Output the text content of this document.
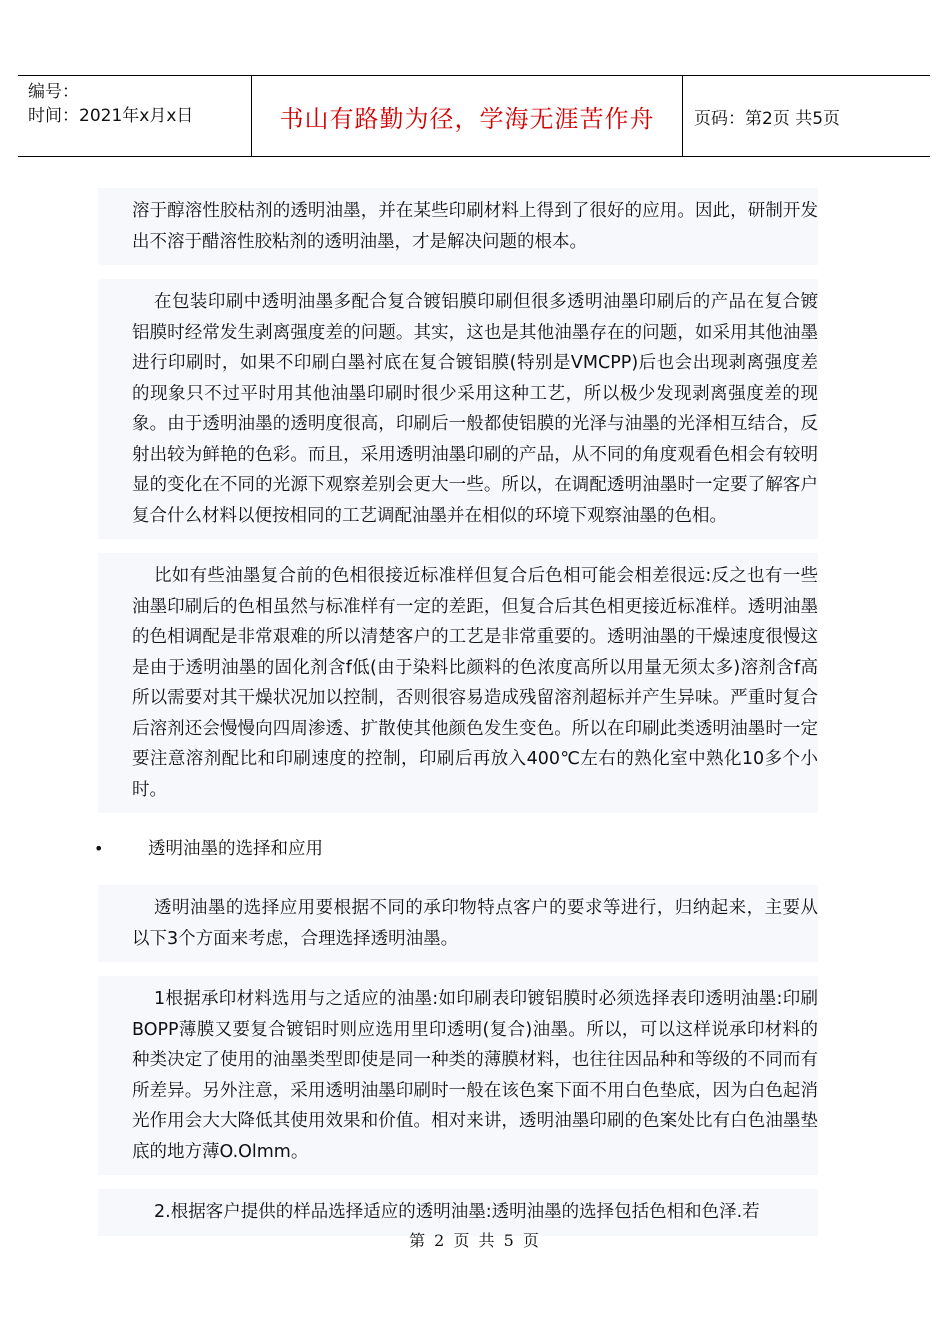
编号：
时间：2021年x月x日	书山有路勤为径，学海无涯苦作舟	页码：第2页 共5页

溶于醇溶性胶枯剂的透明油墨，并在某些印刷材料上得到了很好的应用。因此，研制开发出不溶于醋溶性胶粘剂的透明油墨，才是解决问题的根本。

在包装印刷中透明油墨多配合复合镀铝膜印刷但很多透明油墨印刷后的产品在复合镀铝膜时经常发生剥离强度差的问题。其实，这也是其他油墨存在的问题，如采用其他油墨进行印刷时，如果不印刷白墨衬底在复合镀铝膜(特别是VMCPP)后也会出现剥离强度差的现象只不过平时用其他油墨印刷时很少采用这种工艺，所以极少发现剥离强度差的现象。由于透明油墨的透明度很高，印刷后一般都使铝膜的光泽与油墨的光泽相互结合，反射出较为鲜艳的色彩。而且，采用透明油墨印刷的产品，从不同的角度观看色相会有较明显的变化在不同的光源下观察差别会更大一些。所以，在调配透明油墨时一定要了解客户复合什么材料以便按相同的工艺调配油墨并在相似的环境下观察油墨的色相。

比如有些油墨复合前的色相很接近标准样但复合后色相可能会相差很远:反之也有一些油墨印刷后的色相虽然与标准样有一定的差距，但复合后其色相更接近标准样。透明油墨的色相调配是非常艰难的所以清楚客户的工艺是非常重要的。透明油墨的干燥速度很慢这是由于透明油墨的固化剂含f低(由于染料比颜料的色浓度高所以用量无须太多)溶剂含f高所以需要对其干燥状况加以控制，否则很容易造成残留溶剂超标并产生异味。严重时复合后溶剂还会慢慢向四周渗透、扩散使其他颜色发生变色。所以在印刷此类透明油墨时一定要注意溶剂配比和印刷速度的控制，印刷后再放入400℃左右的熟化室中熟化10多个小时。

•	透明油墨的选择和应用

透明油墨的选择应用要根据不同的承印物特点客户的要求等进行，归纳起来，主要从以下3个方面来考虑，合理选择透明油墨。

1根据承印材料选用与之适应的油墨:如印刷表印镀铝膜时必须选择表印透明油墨:印刷BOPP薄膜又要复合镀铝时则应选用里印透明(复合)油墨。所以，可以这样说承印材料的种类决定了使用的油墨类型即使是同一种类的薄膜材料，也往往因品种和等级的不同而有所差异。另外注意，采用透明油墨印刷时一般在该色案下面不用白色垫底，因为白色起消光作用会大大降低其使用效果和价值。相对来讲，透明油墨印刷的色案处比有白色油墨垫底的地方薄O.Olmm。

2.根据客户提供的样品选择适应的透明油墨:透明油墨的选择包括色相和色泽.若

第 2 页 共 5 页
